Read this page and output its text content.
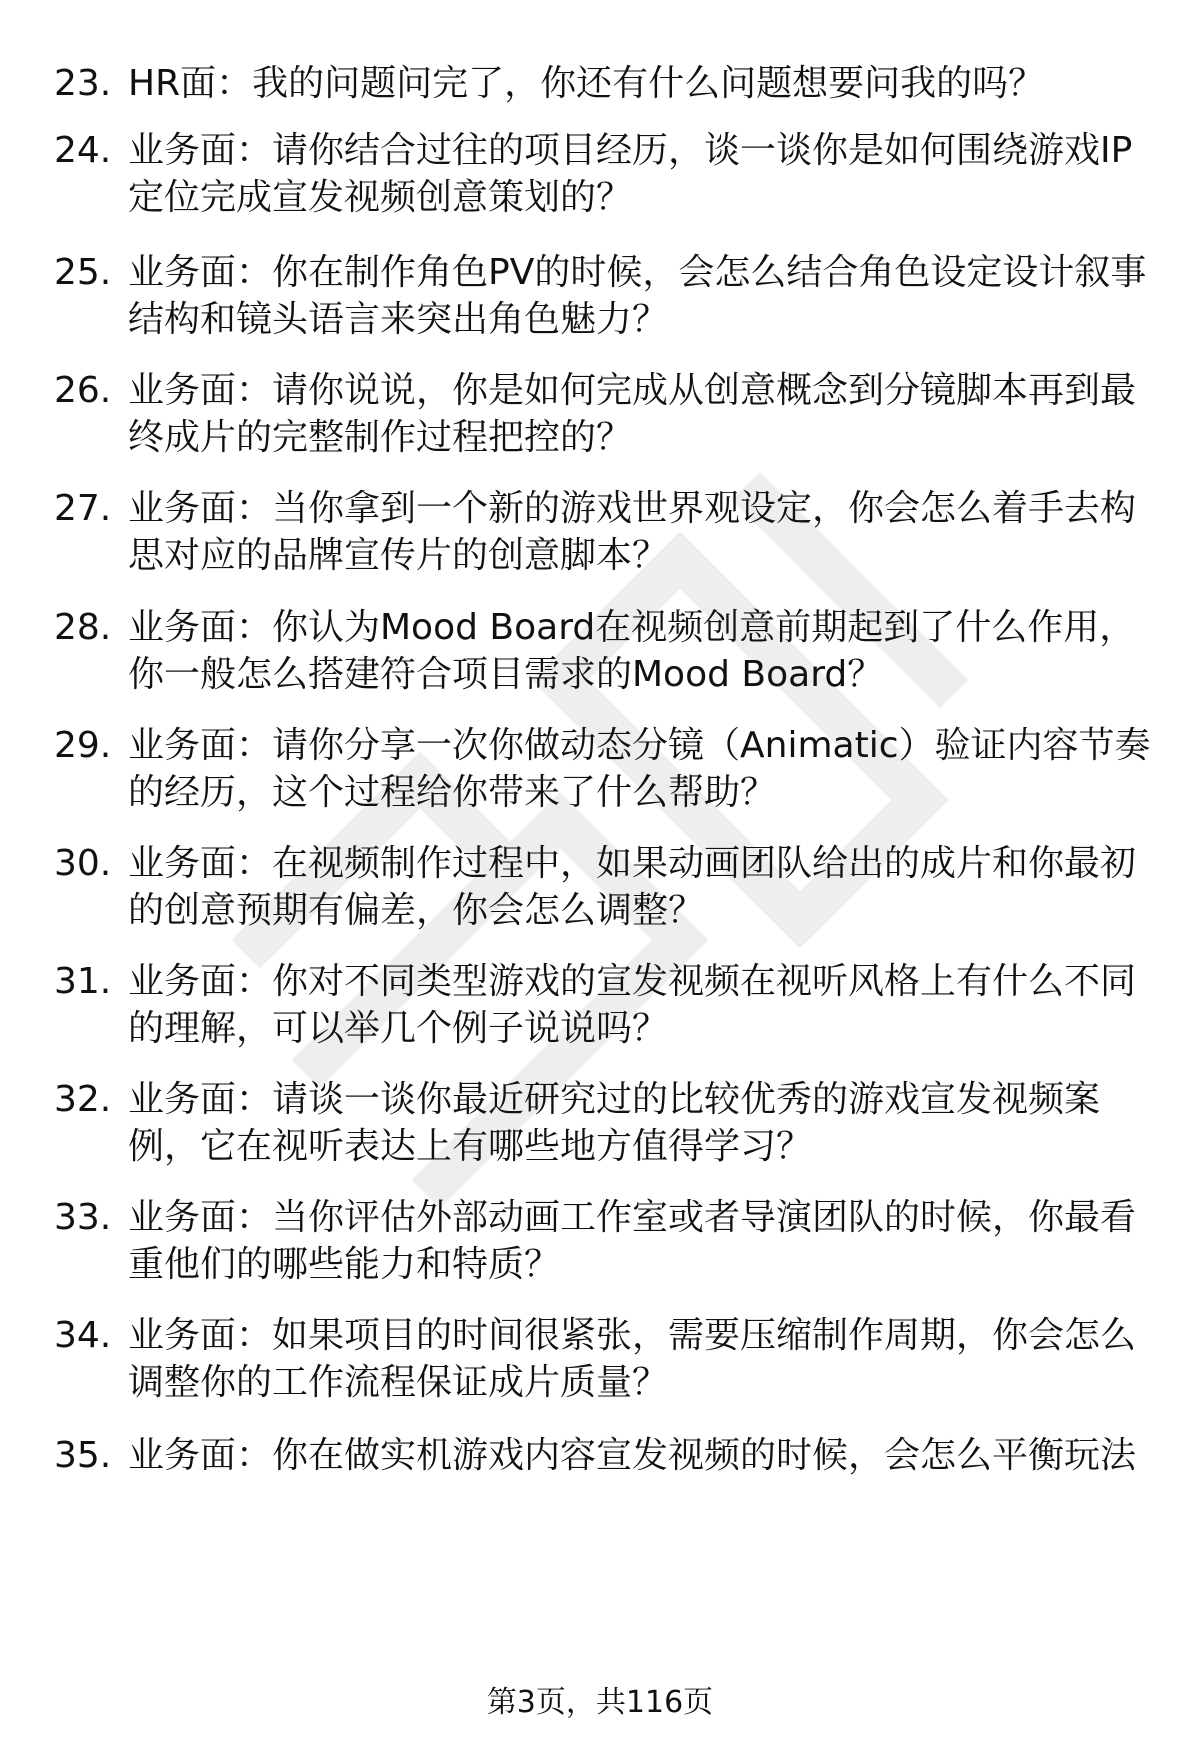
23. HR面：我的问题问完了，你还有什么问题想要问我的吗？
24. 业务面：请你结合过往的项目经历，谈一谈你是如何围绕游戏IP定位完成宣发视频创意策划的？
25. 业务面：你在制作角色PV的时候，会怎么结合角色设定设计叙事结构和镜头语言来突出角色魅力？
26. 业务面：请你说说，你是如何完成从创意概念到分镜脚本再到最终成片的完整制作过程把控的？
27. 业务面：当你拿到一个新的游戏世界观设定，你会怎么着手去构思对应的品牌宣传片的创意脚本？
28. 业务面：你认为Mood Board在视频创意前期起到了什么作用，你一般怎么搭建符合项目需求的Mood Board？
29. 业务面：请你分享一次你做动态分镜（Animatic）验证内容节奏的经历，这个过程给你带来了什么帮助？
30. 业务面：在视频制作过程中，如果动画团队给出的成片和你最初的创意预期有偏差，你会怎么调整？
31. 业务面：你对不同类型游戏的宣发视频在视听风格上有什么不同的理解，可以举几个例子说说吗？
32. 业务面：请谈一谈你最近研究过的比较优秀的游戏宣发视频案例，它在视听表达上有哪些地方值得学习？
33. 业务面：当你评估外部动画工作室或者导演团队的时候，你最看重他们的哪些能力和特质？
34. 业务面：如果项目的时间很紧张，需要压缩制作周期，你会怎么调整你的工作流程保证成片质量？
35. 业务面：你在做实机游戏内容宣发视频的时候，会怎么平衡玩法
第3页，共116页
